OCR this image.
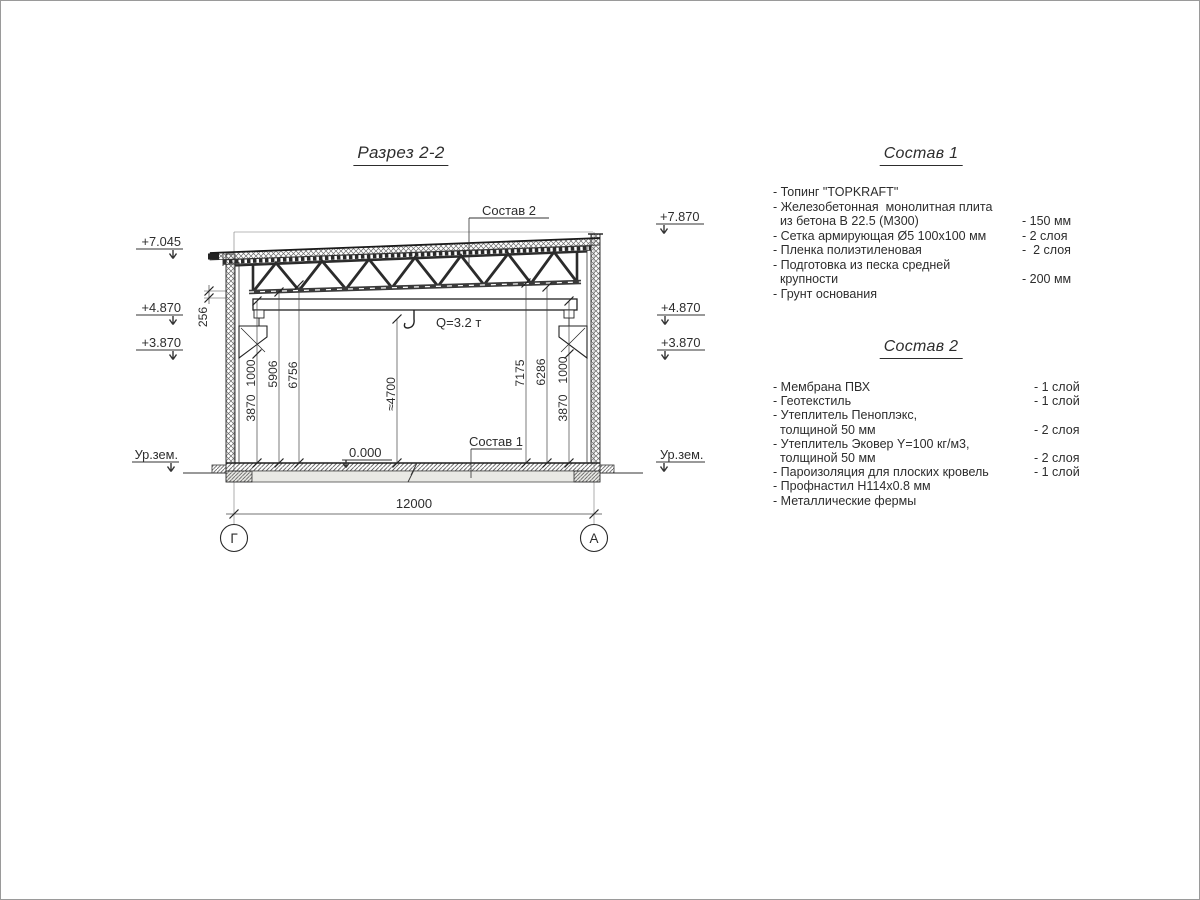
Разрез 2-2
Q=3.2 т
1000
3870
5906 6756
≈4700
7175 6286 1000
3870
256
12000
Г	А
+7.045
+4.870
+3.870
Ур.зем.
+7.870
+4.870
+3.870
Ур.зем.
Состав 2
Состав 1
0.000
Состав 1
- Топинг "TOPKRAFT"
- Железобетонная  монолитная плита
из бетона В 22.5 (М300)	- 150 мм
- Сетка армирующая Ø5 100х100 мм	- 2 слоя
- Пленка полиэтиленовая	-  2 слоя
- Подготовка из песка средней
крупности	- 200 мм
- Грунт основания
Состав 2
- Мембрана ПВХ	- 1 слой
- Геотекстиль	- 1 слой
- Утеплитель Пеноплэкс,
толщиной 50 мм	- 2 слоя
- Утеплитель Эковер Y=100 кг/м3,
толщиной 50 мм	- 2 слоя
- Пароизоляция для плоских кровель	- 1 слой
- Профнастил Н114х0.8 мм
- Металлические фермы
